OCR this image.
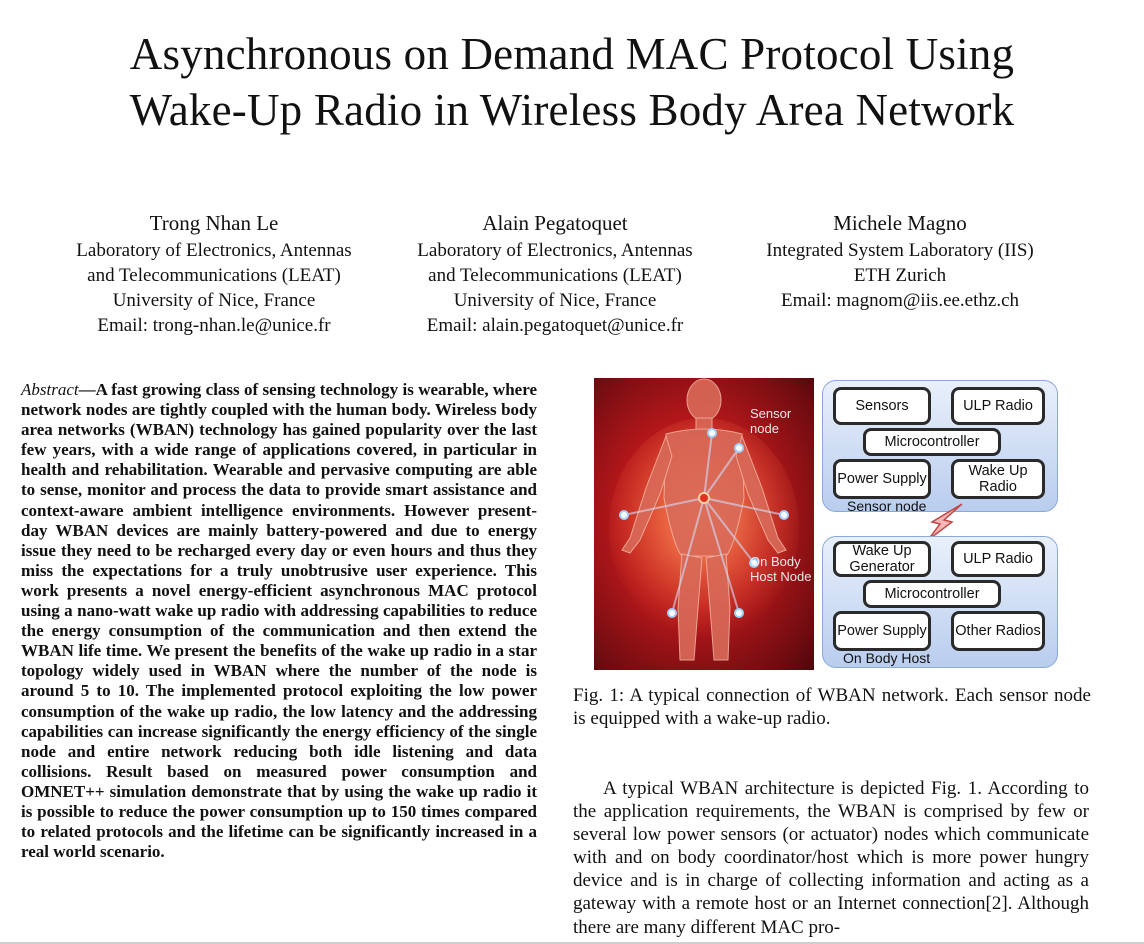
Asynchronous on Demand MAC Protocol Using
Wake-Up Radio in Wireless Body Area Network
Trong Nhan Le
Laboratory of Electronics, Antennas
and Telecommunications (LEAT)
University of Nice, France
Email: trong-nhan.le@unice.fr
Alain Pegatoquet
Laboratory of Electronics, Antennas
and Telecommunications (LEAT)
University of Nice, France
Email: alain.pegatoquet@unice.fr
Michele Magno
Integrated System Laboratory (IIS)
ETH Zurich
Email: magnom@iis.ee.ethz.ch

Abstract—A fast growing class of sensing technology is wearable, where network nodes are tightly coupled with the human body. Wireless body area networks (WBAN) technology has gained popularity over the last few years, with a wide range of applications covered, in particular in health and rehabilitation. Wearable and pervasive computing are able to sense, monitor and process the data to provide smart assistance and context-aware ambient intelligence environments. However present-day WBAN devices are mainly battery-powered and due to energy issue they need to be recharged every day or even hours and thus they miss the expectations for a truly unobtrusive user experience. This work presents a novel energy-efficient asynchronous MAC protocol using a nano-watt wake up radio with addressing capabilities to reduce the energy consumption of the communication and then extend the WBAN life time. We present the benefits of the wake up radio in a star topology widely used in WBAN where the number of the node is around 5 to 10. The implemented protocol exploiting the low power consumption of the wake up radio, the low latency and the addressing capabilities can increase significantly the energy efficiency of the single node and entire network reducing both idle listening and data collisions. Result based on measured power consumption and OMNET++ simulation demonstrate that by using the wake up radio it is possible to reduce the power consumption up to 150 times compared to related protocols and the lifetime can be significantly increased in a real world scenario.

Sensor node
On Body Host Node
Sensors	ULP Radio
Microcontroller
Power Supply	Wake Up Radio
Sensor node
Wake Up Generator	ULP Radio
Microcontroller
Power Supply Other Radios
On Body Host

Fig. 1: A typical connection of WBAN network. Each sensor node is equipped with a wake-up radio.

A typical WBAN architecture is depicted Fig. 1. According to the application requirements, the WBAN is comprised by few or several low power sensors (or actuator) nodes which communicate with and on body coordinator/host which is more power hungry device and is in charge of collecting information and acting as a gateway with a remote host or an Internet connection[2]. Although there are many different MAC pro-
